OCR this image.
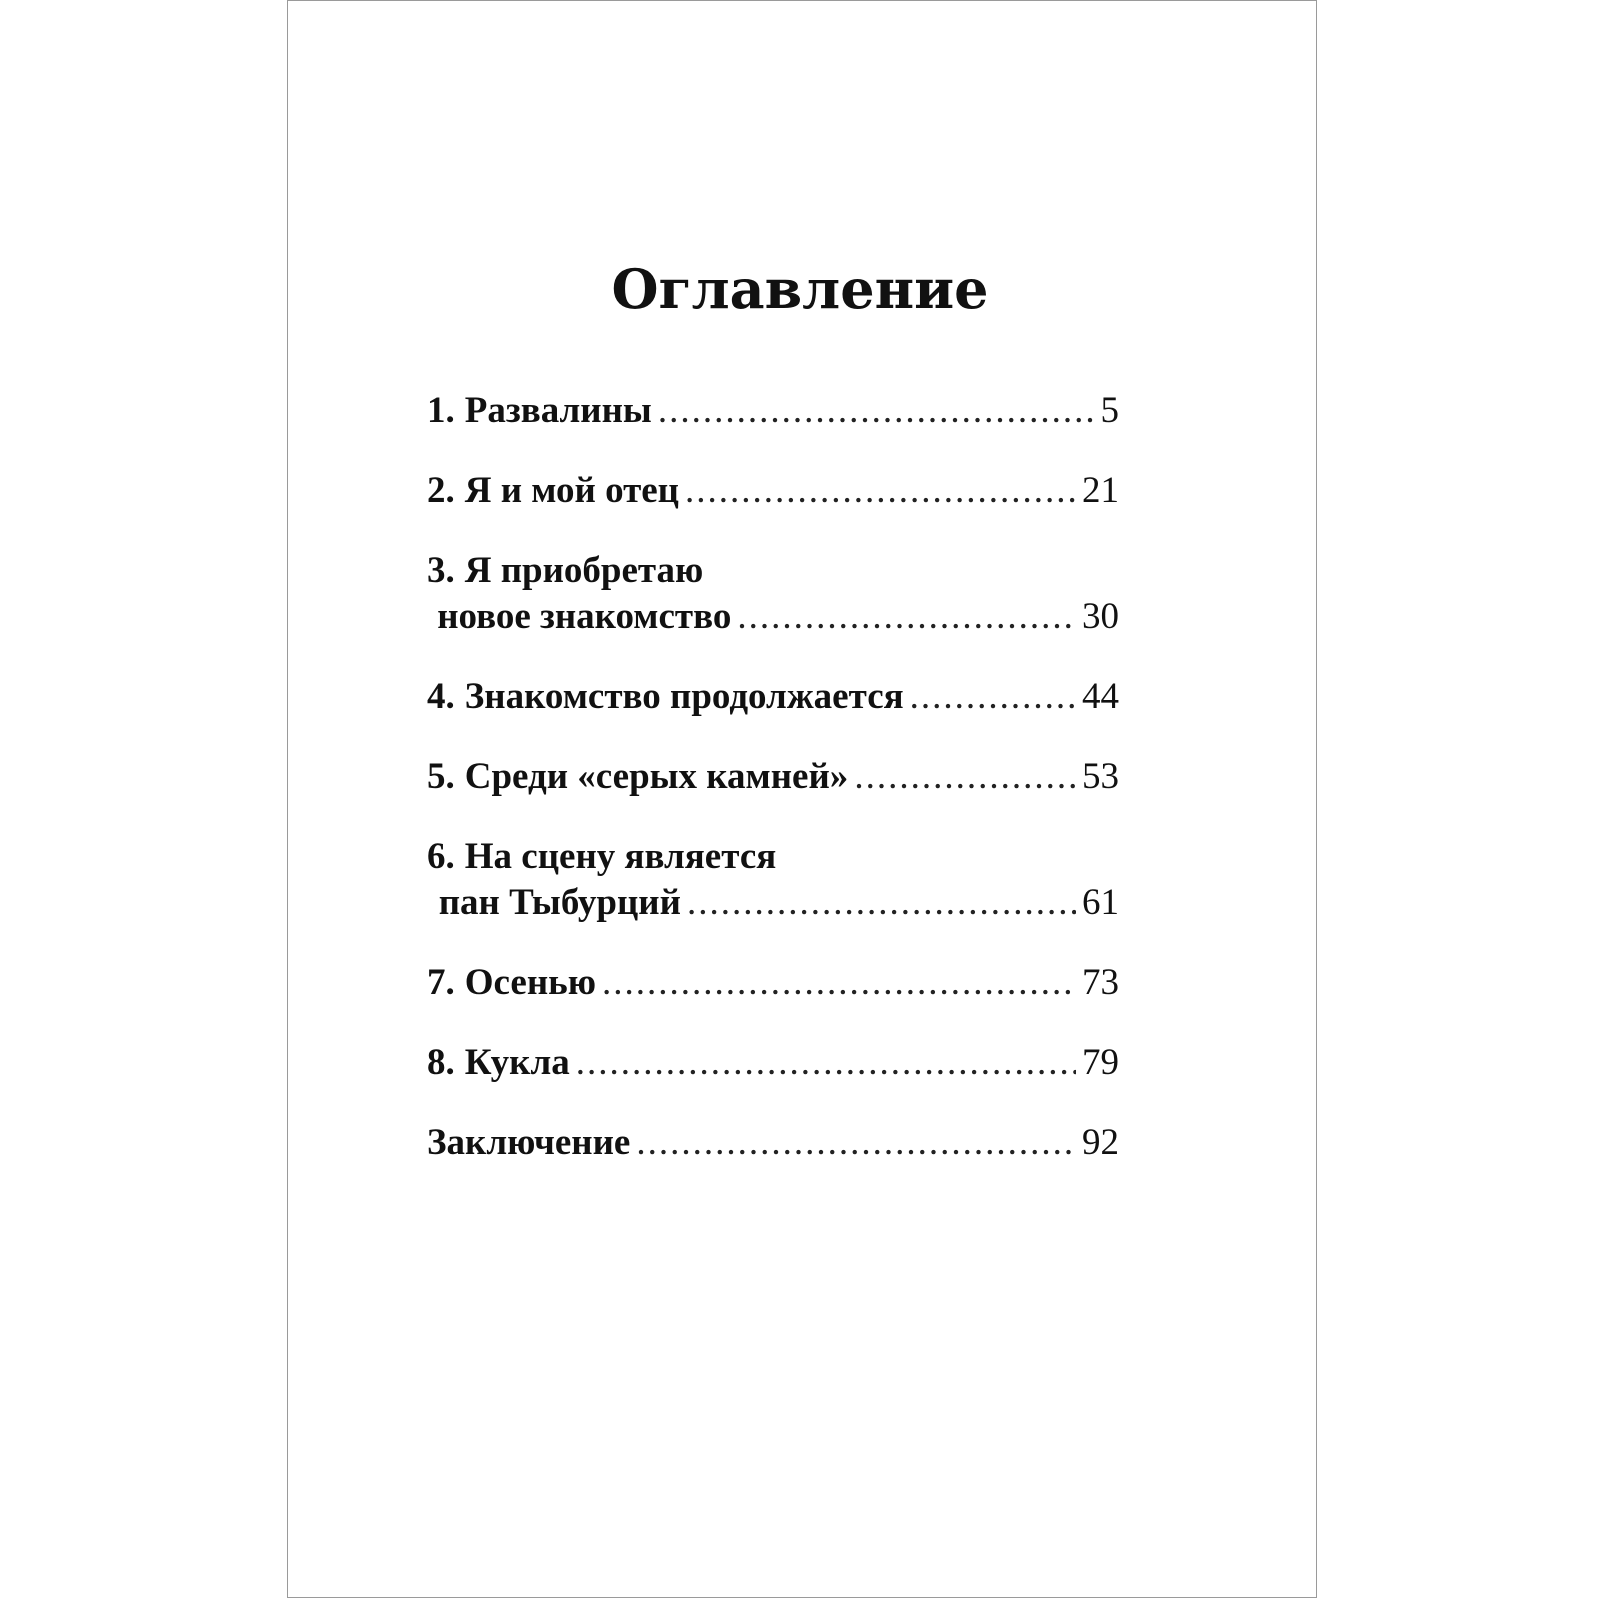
Оглавление
1. Развалины .....	5
2. Я и мой отец .....	21
3. Я приобретаю
новое знакомство .....	30
4. Знакомство продолжается .....	44
5. Среди «серых камней» .....	53
6. На сцену является
пан Тыбурций .....	61
7. Осенью .....	73
8. Кукла .....	79
Заключение .....	92
